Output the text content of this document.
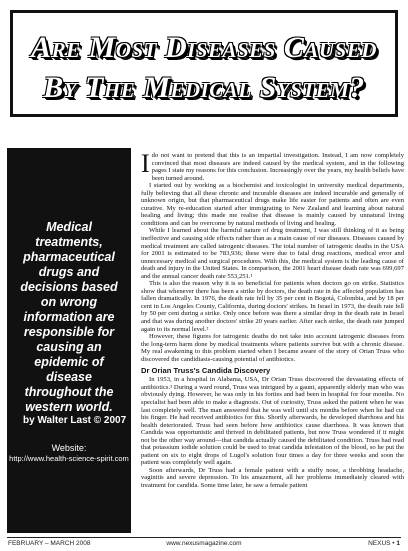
Are Most Diseases Caused
By The Medical System?
Medical treatments, pharmaceutical drugs and decisions based on wrong information are responsible for causing an epidemic of disease throughout the western world.
by Walter Last © 2007
Website:
http://www.health-science-spirit.com

Ido not want to pretend that this is an impartial investigation. Instead, I am now completely convinced that most diseases are indeed caused by the medical system, and in the following pages I state my reasons for this conclusion. Increasingly over the years, my health beliefs have been turned around.

I started out by working as a biochemist and toxicologist in university medical departments, fully believing that all these chronic and incurable diseases are indeed incurable and generally of unknown origin, but that pharmaceutical drugs make life easier for patients and often are even curative. My re-education started after immigrating to New Zealand and learning about natural healing and living; this made me realise that disease is mainly caused by unnatural living conditions and can be overcome by natural methods of living and healing.

While I learned about the harmful nature of drug treatment, I was still thinking of it as being ineffective and causing side effects rather than as a main cause of our diseases. Diseases caused by medical treatment are called iatrogenic diseases. The total number of iatrogenic deaths in the USA for 2001 is estimated to be 783,936; these were due to fatal drug reactions, medical error and unnecessary medical and surgical procedures. With this, the medical system is the leading cause of death and injury in the United States. In comparison, the 2001 heart disease death rate was 699,697 and the annual cancer death rate 553,251.¹

This is also the reason why it is so beneficial for patients when doctors go on strike. Statistics show that whenever there has been a strike by doctors, the death rate in the affected population has fallen dramatically. In 1976, the death rate fell by 35 per cent in Bogotá, Colombia, and by 18 per cent in Los Angeles County, California, during doctors' strikes. In Israel in 1973, the death rate fell by 50 per cent during a strike. Only once before was there a similar drop in the death rate in Israel and that was during another doctors' strike 20 years earlier. After each strike, the death rate jumped again to its normal level.²

However, these figures for iatrogenic deaths do not take into account iatrogenic diseases from the long-term harm done by medical treatments where patients survive but with a chronic disease. My real awakening to this problem started when I became aware of the story of Orian Truss who discovered the candidiasis-causing potential of antibiotics.

Dr Orian Truss's Candida Discovery

In 1953, in a hospital in Alabama, USA, Dr Orian Truss discovered the devastating effects of antibiotics.³ During a ward round, Truss was intrigued by a gaunt, apparently elderly man who was obviously dying. However, he was only in his forties and had been in hospital for four months. No specialist had been able to make a diagnosis. Out of curiosity, Truss asked the patient when he was last completely well. The man answered that he was well until six months before when he had cut his finger. He had received antibiotics for this. Shortly afterwards, he developed diarrhoea and his health deteriorated. Truss had seen before how antibiotics cause diarrhoea. It was known that Candida was opportunistic and thrived in debilitated patients, but now Truss wondered if it might not be the other way around—that candida actually caused the debilitated condition. Truss had read that potassium iodide solution could be used to treat candida infestation of the blood, so he put the patient on six to eight drops of Lugol's solution four times a day for three weeks and soon the patient was completely well again.

Soon afterwards, Dr Truss had a female patient with a stuffy nose, a throbbing headache, vaginitis and severe depression. To his amazement, all her problems immediately cleared with treatment for candida. Some time later, he saw a female patient

FEBRUARY – MARCH 2008	www.nexusmagazine.com	NEXUS • 1
